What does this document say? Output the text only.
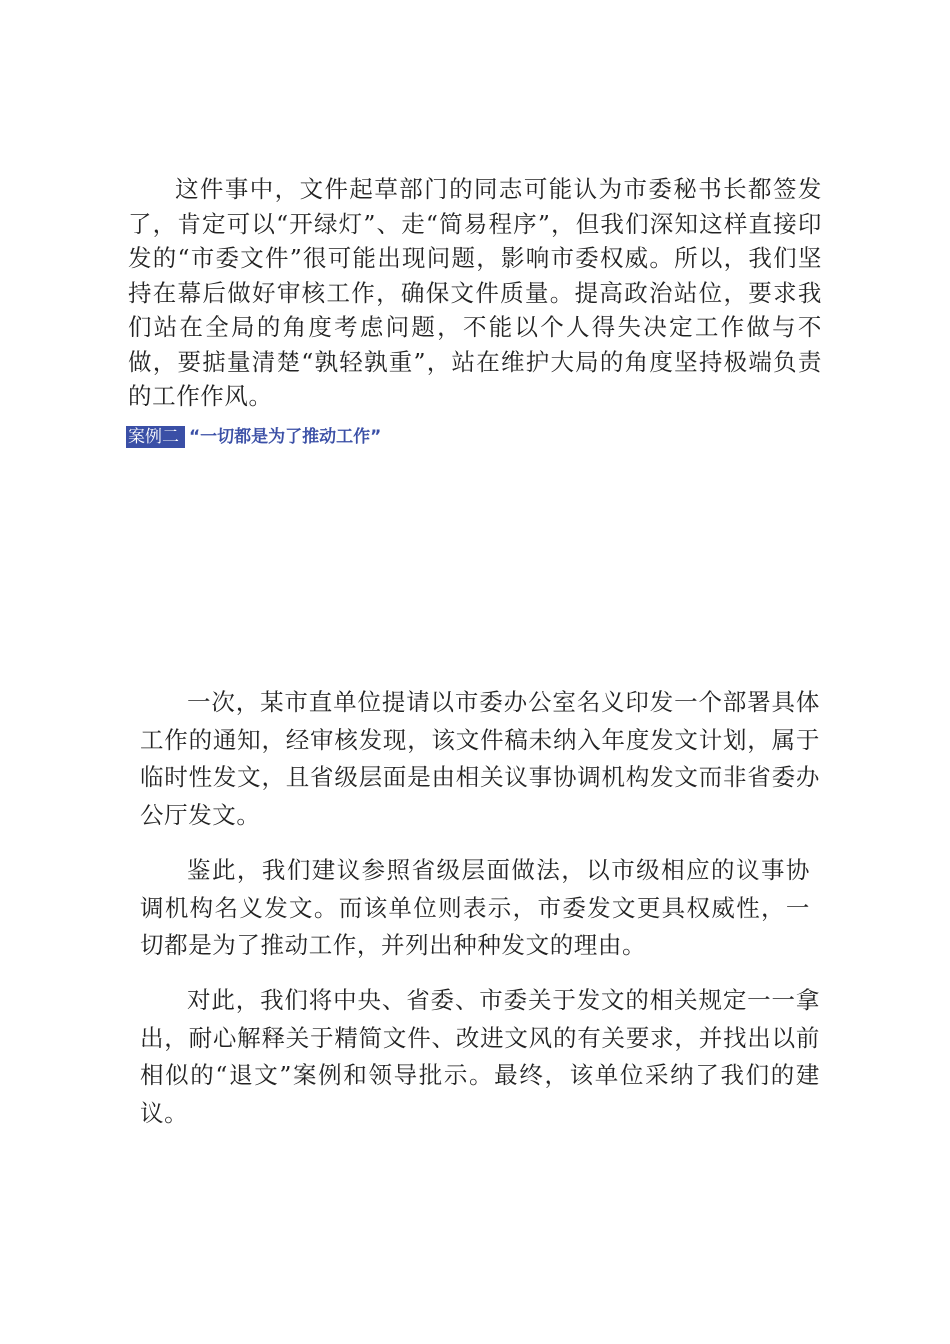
这件事中，文件起草部门的同志可能认为市委秘书长都签发了，肯定可以“开绿灯”、走“简易程序”，但我们深知这样直接印发的“市委文件”很可能出现问题，影响市委权威。所以，我们坚持在幕后做好审核工作，确保文件质量。提高政治站位，要求我们站在全局的角度考虑问题，不能以个人得失决定工作做与不做，要掂量清楚“孰轻孰重”，站在维护大局的角度坚持极端负责的工作作风。

案例二 “一切都是为了推动工作”

一次，某市直单位提请以市委办公室名义印发一个部署具体工作的通知，经审核发现，该文件稿未纳入年度发文计划，属于临时性发文，且省级层面是由相关议事协调机构发文而非省委办公厅发文。

鉴此，我们建议参照省级层面做法，以市级相应的议事协调机构名义发文。而该单位则表示，市委发文更具权威性，一切都是为了推动工作，并列出种种发文的理由。

对此，我们将中央、省委、市委关于发文的相关规定一一拿出，耐心解释关于精简文件、改进文风的有关要求，并找出以前相似的“退文”案例和领导批示。最终，该单位采纳了我们的建议。
